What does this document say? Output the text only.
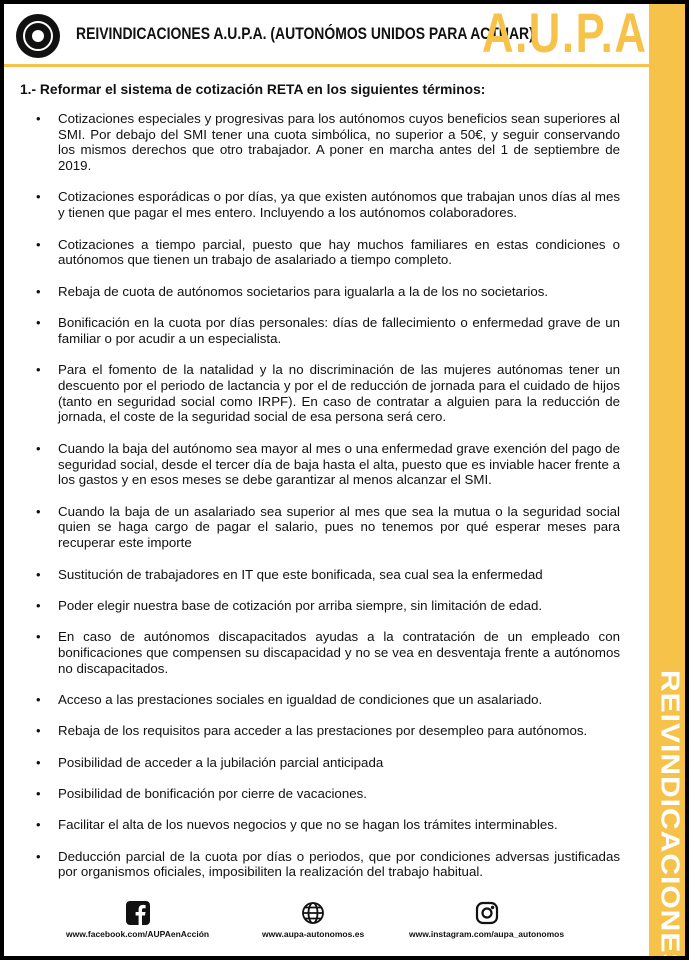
REIVINDICACIONES
REIVINDICACIONES A.U.P.A. (AUTONÓMOS UNIDOS PARA ACTUAR)
A.U.P.A.
1.- Reformar el sistema de cotización RETA en los siguientes términos:
• Cotizaciones especiales y progresivas para los autónomos cuyos beneficios sean superiores al SMI. Por debajo del SMI tener una cuota simbólica, no superior a 50€, y seguir conservando los mismos derechos que otro trabajador. A poner en marcha antes del 1 de septiembre de 2019.
• Cotizaciones esporádicas o por días, ya que existen autónomos que trabajan unos días al mes y tienen que pagar el mes entero. Incluyendo a los autónomos colaboradores.
• Cotizaciones a tiempo parcial, puesto que hay muchos familiares en estas condiciones o autónomos que tienen un trabajo de asalariado a tiempo completo.
• Rebaja de cuota de autónomos societarios para igualarla a la de los no societarios.
• Bonificación en la cuota por días personales: días de fallecimiento o enfermedad grave de un familiar o por acudir a un especialista.
• Para el fomento de la natalidad y la no discriminación de las mujeres autónomas tener un descuento por el periodo de lactancia y por el de reducción de jornada para el cuidado de hijos (tanto en seguridad social como IRPF). En caso de contratar a alguien para la reducción de jornada, el coste de la seguridad social de esa persona será cero.
• Cuando la baja del autónomo sea mayor al mes o una enfermedad grave exención del pago de seguridad social, desde el tercer día de baja hasta el alta, puesto que es inviable hacer frente a los gastos y en esos meses se debe garantizar al menos alcanzar el SMI.
• Cuando la baja de un asalariado sea superior al mes que sea la mutua o la seguridad social quien se haga cargo de pagar el salario, pues no tenemos por qué esperar meses para recuperar este importe
• Sustitución de trabajadores en IT que este bonificada, sea cual sea la enfermedad
• Poder elegir nuestra base de cotización por arriba siempre, sin limitación de edad.
• En caso de autónomos discapacitados ayudas a la contratación de un empleado con bonificaciones que compensen su discapacidad y no se vea en desventaja frente a autónomos no discapacitados.
• Acceso a las prestaciones sociales en igualdad de condiciones que un asalariado.
• Rebaja de los requisitos para acceder a las prestaciones por desempleo para autónomos.
• Posibilidad de acceder a la jubilación parcial anticipada
• Posibilidad de bonificación por cierre de vacaciones.
• Facilitar el alta de los nuevos negocios y que no se hagan los trámites interminables.
• Deducción parcial de la cuota por días o periodos, que por condiciones adversas justificadas por organismos oficiales, imposibiliten la realización del trabajo habitual.
www.facebook.com/AUPAenAcción	www.aupa-autonomos.es	www.instagram.com/aupa_autonomos
